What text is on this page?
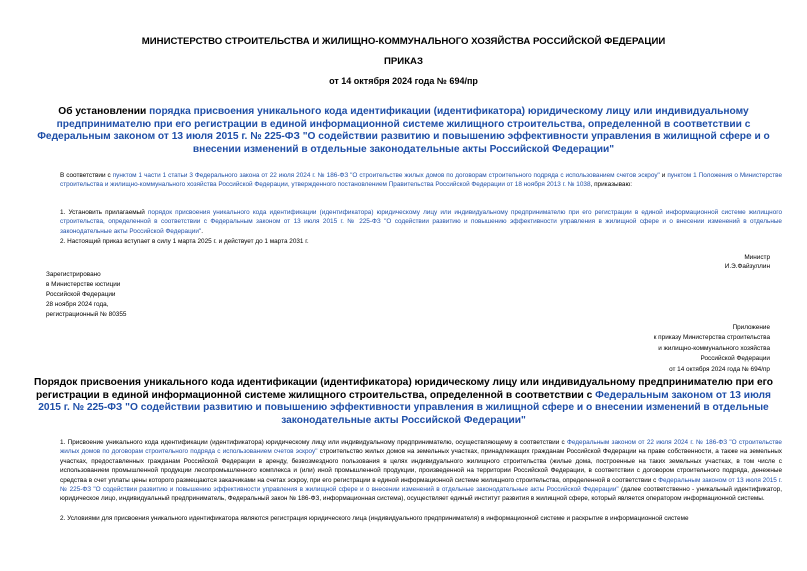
МИНИСТЕРСТВО СТРОИТЕЛЬСТВА И ЖИЛИЩНО-КОММУНАЛЬНОГО ХОЗЯЙСТВА РОССИЙСКОЙ ФЕДЕРАЦИИ
ПРИКАЗ
от 14 октября 2024 года № 694/пр
Об установлении порядка присвоения уникального кода идентификации (идентификатора) юридическому лицу или индивидуальному предпринимателю при его регистрации в единой информационной системе жилищного строительства, определенной в соответствии с Федеральным законом от 13 июля 2015 г. № 225-ФЗ "О содействии развитию и повышению эффективности управления в жилищной сфере и о внесении изменений в отдельные законодательные акты Российской Федерации"
В соответствии с пунктом 1 части 1 статьи 3 Федерального закона от 22 июля 2024 г. № 186-ФЗ "О строительстве жилых домов по договорам строительного подряда с использованием счетов эскроу" и пунктом 1 Положения о Министерстве строительства и жилищно-коммунального хозяйства Российской Федерации, утвержденного постановлением Правительства Российской Федерации от 18 ноября 2013 г. № 1038, приказываю:
1. Установить прилагаемый порядок присвоения уникального кода идентификации (идентификатора) юридическому лицу или индивидуальному предпринимателю при его регистрации в единой информационной системе жилищного строительства, определенной в соответствии с Федеральным законом от 13 июля 2015 г. № 225-ФЗ "О содействии развитию и повышению эффективности управления в жилищной сфере и о внесении изменений в отдельные законодательные акты Российской Федерации".
2. Настоящий приказ вступает в силу 1 марта 2025 г. и действует до 1 марта 2031 г.
Министр
И.Э.Файзуллин
Зарегистрировано
в Министерстве юстиции
Российской Федерации
28 ноября 2024 года,
регистрационный № 80355
Приложение
к приказу Министерства строительства
и жилищно-коммунального хозяйства
Российской Федерации
от 14 октября 2024 года № 694/пр
Порядок присвоения уникального кода идентификации (идентификатора) юридическому лицу или индивидуальному предпринимателю при его регистрации в единой информационной системе жилищного строительства, определенной в соответствии с Федеральным законом от 13 июля 2015 г. № 225-ФЗ "О содействии развитию и повышению эффективности управления в жилищной сфере и о внесении изменений в отдельные законодательные акты Российской Федерации"
1. Присвоение уникального кода идентификации (идентификатора) юридическому лицу или индивидуальному предпринимателю, осуществляющему в соответствии с Федеральным законом от 22 июля 2024 г. № 186-ФЗ "О строительстве жилых домов по договорам строительного подряда с использованием счетов эскроу" строительство жилых домов на земельных участках, принадлежащих гражданам Российской Федерации на праве собственности, а также на земельных участках, предоставленных гражданам Российской Федерации в аренду, безвозмездного пользования в целях индивидуального жилищного строительства (жилые дома, построенные на таких земельных участках, в том числе с использованием промышленной продукции лесопромышленного комплекса и (или) иной промышленной продукции, произведенной на территории Российской Федерации, в соответствии с договором строительного подряда, денежные средства в счет уплаты цены которого размещаются заказчиками на счетах эскроу, при его регистрации в единой информационной системе жилищного строительства, определенной в соответствии с Федеральным законом от 13 июля 2015 г. № 225-ФЗ "О содействии развитию и повышению эффективности управления в жилищной сфере и о внесении изменений в отдельные законодательные акты Российской Федерации" (далее соответственно - уникальный идентификатор, юридическое лицо, индивидуальный предприниматель, Федеральный закон № 186-ФЗ, информационная система), осуществляет единый институт развития в жилищной сфере, который является оператором информационной системы.
2. Условиями для присвоения уникального идентификатора являются регистрация юридического лица (индивидуального предпринимателя) в информационной системе и раскрытие в информационной системе
